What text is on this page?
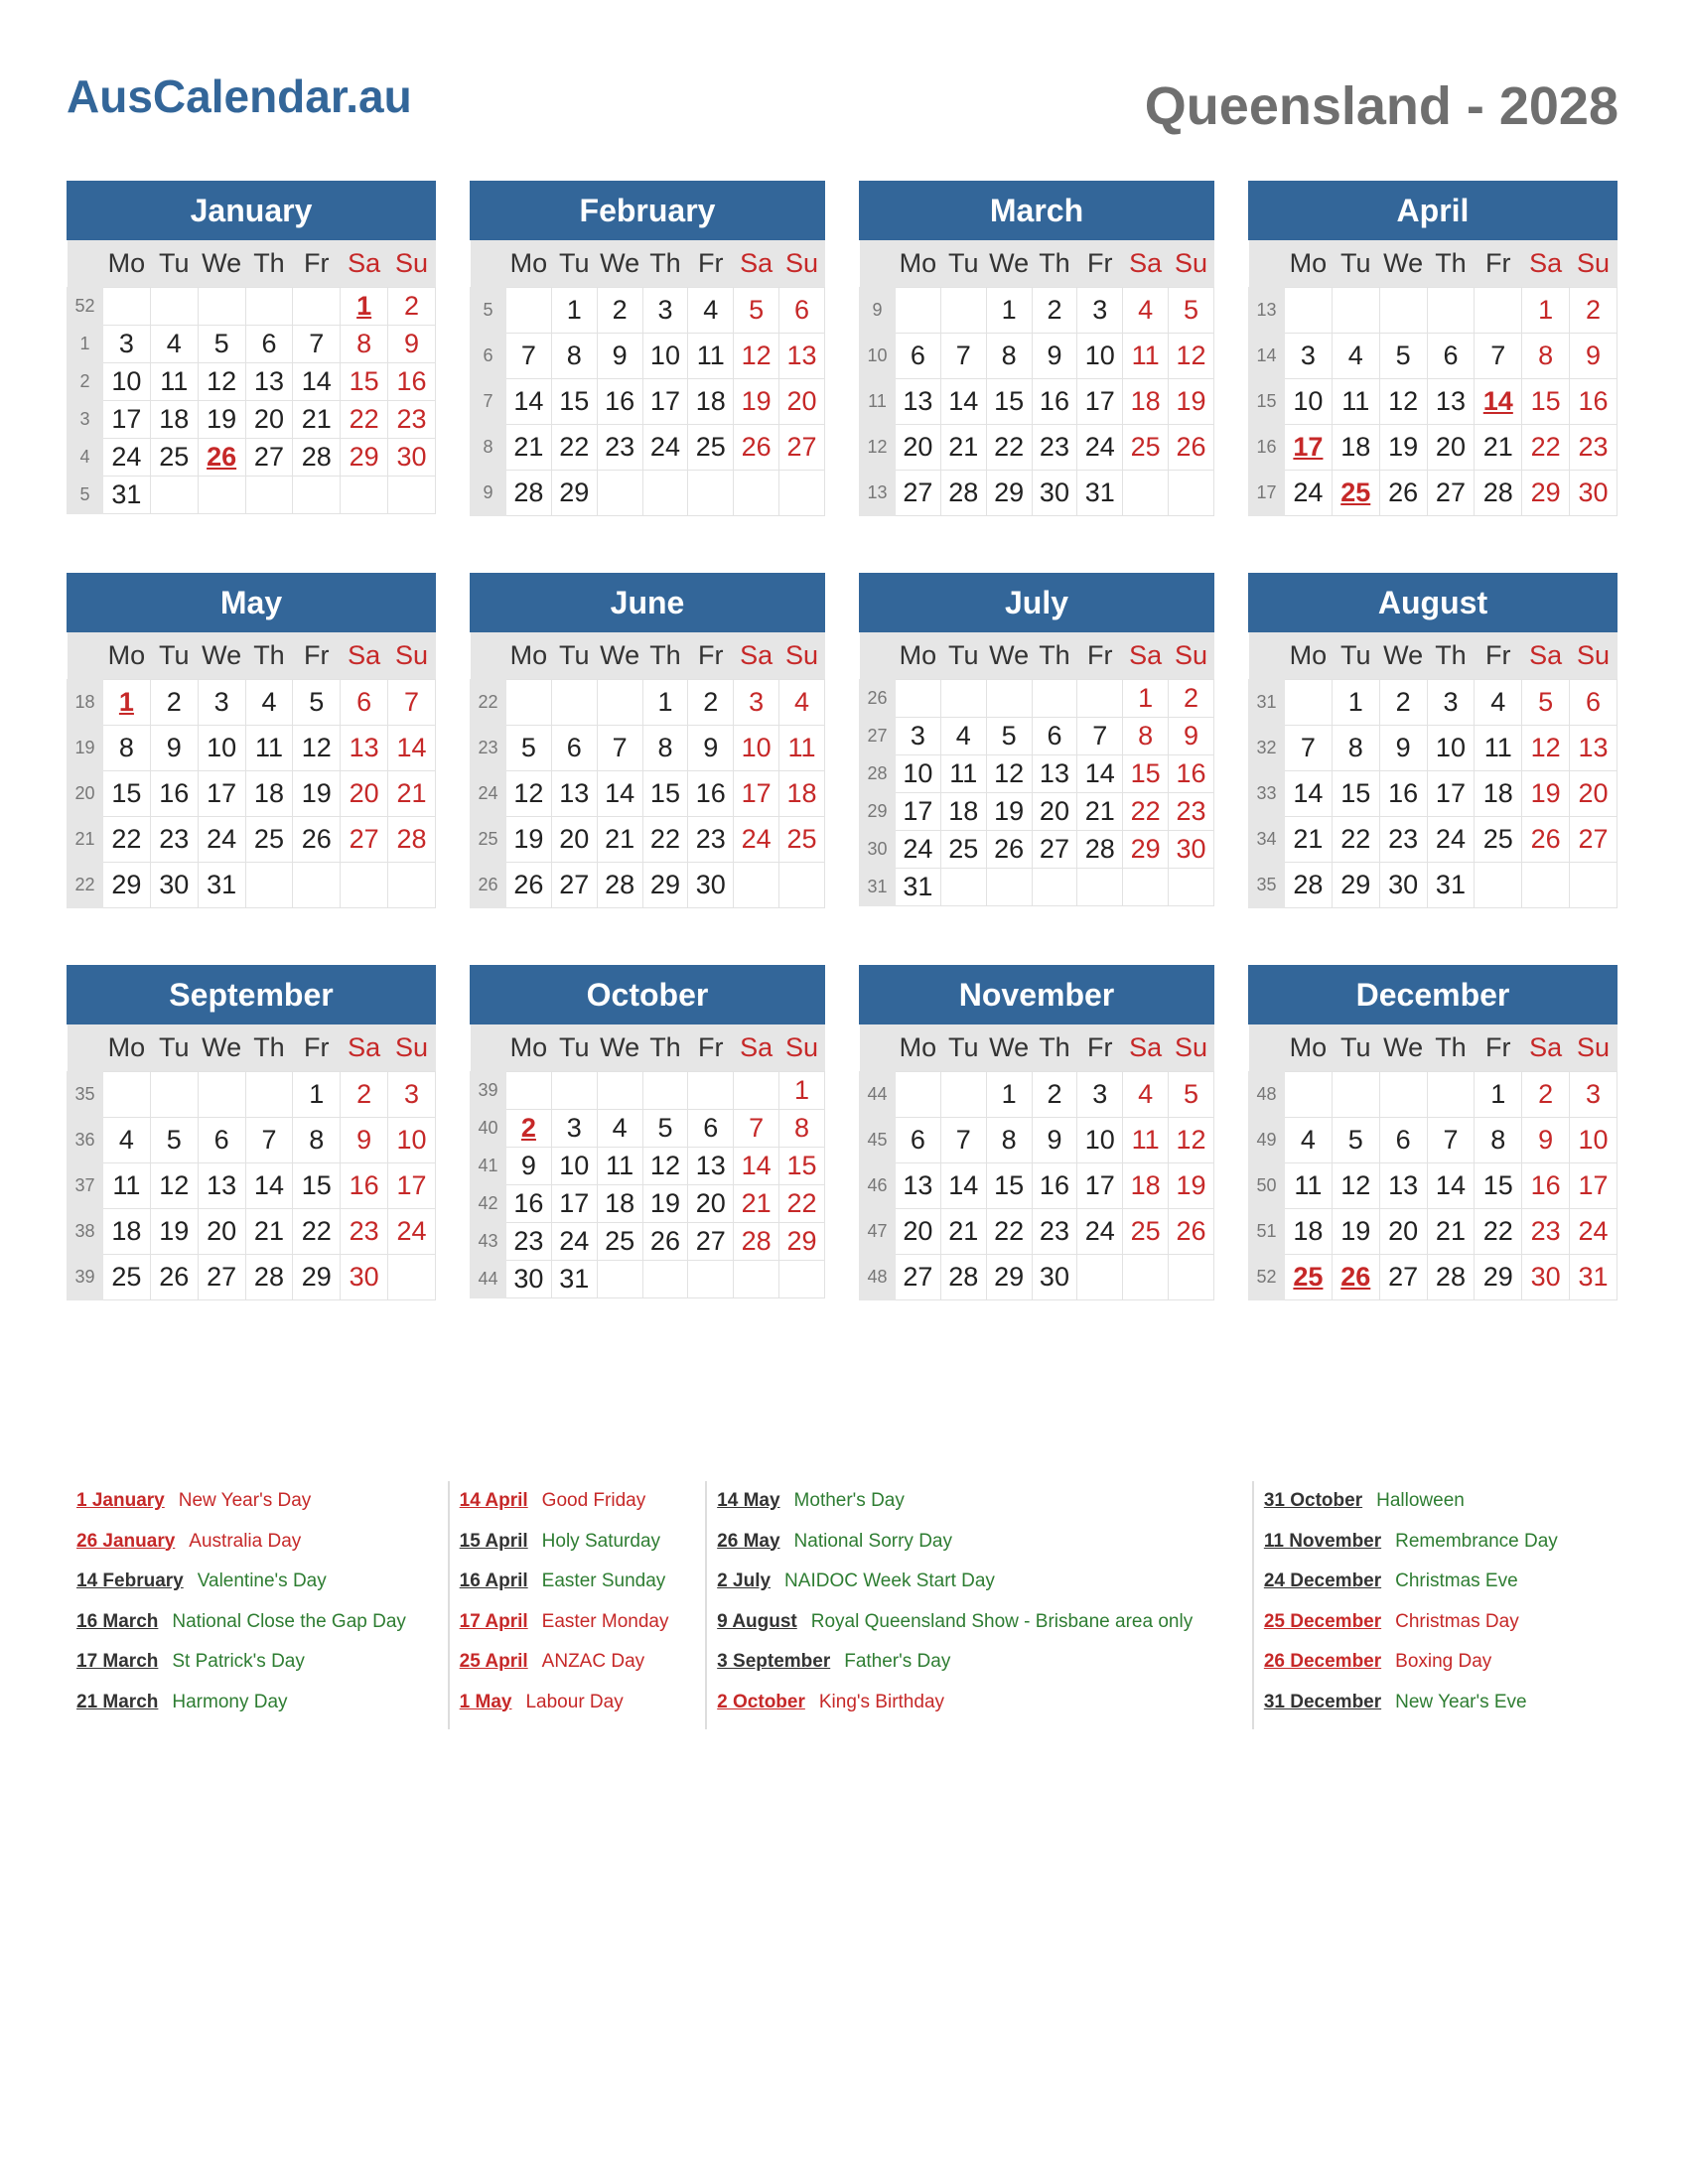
AusCalendar.au	Queensland - 2028
January
	Mo	Tu	We	Th	Fr	Sa	Su
52						1	2
1	3	4	5	6	7	8	9
2	10	11	12	13	14	15	16
3	17	18	19	20	21	22	23
4	24	25	26	27	28	29	30
5	31						
February
	Mo	Tu	We	Th	Fr	Sa	Su
5		1	2	3	4	5	6
6	7	8	9	10	11	12	13
7	14	15	16	17	18	19	20
8	21	22	23	24	25	26	27
9	28	29					
March
	Mo	Tu	We	Th	Fr	Sa	Su
9			1	2	3	4	5
10	6	7	8	9	10	11	12
11	13	14	15	16	17	18	19
12	20	21	22	23	24	25	26
13	27	28	29	30	31		
April
	Mo	Tu	We	Th	Fr	Sa	Su
13						1	2
14	3	4	5	6	7	8	9
15	10	11	12	13	14	15	16
16	17	18	19	20	21	22	23
17	24	25	26	27	28	29	30
May
	Mo	Tu	We	Th	Fr	Sa	Su
18	1	2	3	4	5	6	7
19	8	9	10	11	12	13	14
20	15	16	17	18	19	20	21
21	22	23	24	25	26	27	28
22	29	30	31				
June
	Mo	Tu	We	Th	Fr	Sa	Su
22				1	2	3	4
23	5	6	7	8	9	10	11
24	12	13	14	15	16	17	18
25	19	20	21	22	23	24	25
26	26	27	28	29	30		
July
	Mo	Tu	We	Th	Fr	Sa	Su
26						1	2
27	3	4	5	6	7	8	9
28	10	11	12	13	14	15	16
29	17	18	19	20	21	22	23
30	24	25	26	27	28	29	30
31	31						
August
	Mo	Tu	We	Th	Fr	Sa	Su
31		1	2	3	4	5	6
32	7	8	9	10	11	12	13
33	14	15	16	17	18	19	20
34	21	22	23	24	25	26	27
35	28	29	30	31			
September
	Mo	Tu	We	Th	Fr	Sa	Su
35					1	2	3
36	4	5	6	7	8	9	10
37	11	12	13	14	15	16	17
38	18	19	20	21	22	23	24
39	25	26	27	28	29	30	
October
	Mo	Tu	We	Th	Fr	Sa	Su
39							1
40	2	3	4	5	6	7	8
41	9	10	11	12	13	14	15
42	16	17	18	19	20	21	22
43	23	24	25	26	27	28	29
44	30	31					
November
	Mo	Tu	We	Th	Fr	Sa	Su
44			1	2	3	4	5
45	6	7	8	9	10	11	12
46	13	14	15	16	17	18	19
47	20	21	22	23	24	25	26
48	27	28	29	30			
December
	Mo	Tu	We	Th	Fr	Sa	Su
48					1	2	3
49	4	5	6	7	8	9	10
50	11	12	13	14	15	16	17
51	18	19	20	21	22	23	24
52	25	26	27	28	29	30	31
1 January New Year's Day
26 January Australia Day
14 February Valentine's Day
16 March National Close the Gap Day
17 March St Patrick's Day
21 March Harmony Day
14 April Good Friday
15 April Holy Saturday
16 April Easter Sunday
17 April Easter Monday
25 April ANZAC Day
1 May Labour Day
14 May Mother's Day
26 May National Sorry Day
2 July NAIDOC Week Start Day
9 August Royal Queensland Show - Brisbane area only
3 September Father's Day
2 October King's Birthday
31 October Halloween
11 November Remembrance Day
24 December Christmas Eve
25 December Christmas Day
26 December Boxing Day
31 December New Year's Eve
